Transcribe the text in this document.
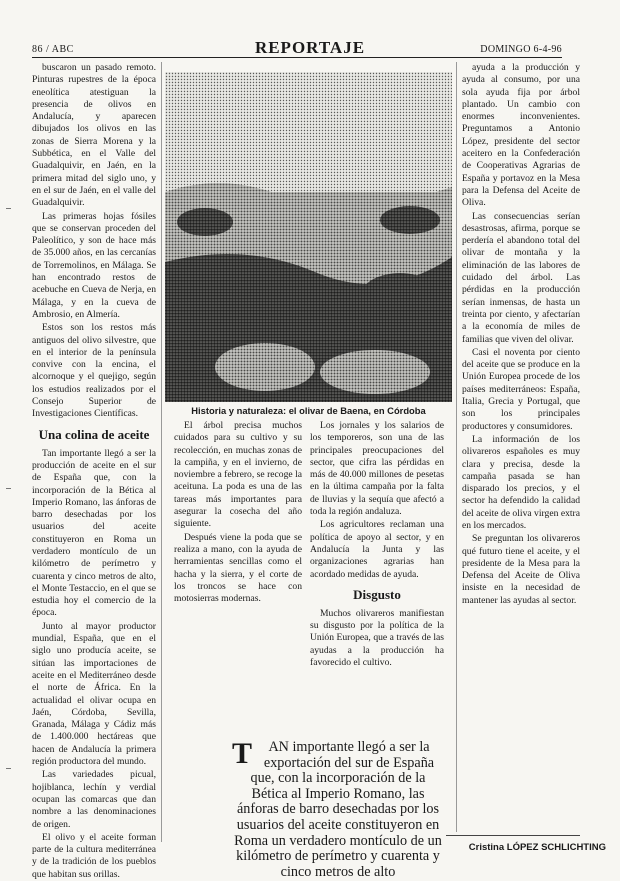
86 / ABC	REPORTAJE	DOMINGO 6-4-96

buscaron un pasado remoto. Pinturas rupestres de la época eneolítica atestiguan la presencia de olivos en Andalucía, y aparecen dibujados los olivos en las zonas de Sierra Morena y la Subbética, en el Valle del Guadalquivir, en Jaén, en la primera mitad del siglo uno, y en el sur de Jaén, en el valle del Guadalquivir.

Las primeras hojas fósiles que se conservan proceden del Paleolítico, y son de hace más de 35.000 años, en las cercanías de Torremolinos, en Málaga. Se han encontrado restos de acebuche en Cueva de Nerja, en Málaga, y en la cueva de Ambrosio, en Almería.

Estos son los restos más antiguos del olivo silvestre, que en el interior de la península convive con la encina, el alcornoque y el quejigo, según los estudios realizados por el Consejo Superior de Investigaciones Científicas.

Una colina de aceite

Tan importante llegó a ser la producción de aceite en el sur de España que, con la incorporación de la Bética al Imperio Romano, las ánforas de barro desechadas por los usuarios del aceite constituyeron en Roma un verdadero montículo de un kilómetro de perímetro y cuarenta y cinco metros de alto, el Monte Testaccio, en el que se estudia hoy el comercio de la época.

Junto al mayor productor mundial, España, que en el siglo uno producía aceite, se sitúan las importaciones de aceite en el Mediterráneo desde el norte de África. En la actualidad el olivar ocupa en Jaén, Córdoba, Sevilla, Granada, Málaga y Cádiz más de 1.400.000 hectáreas que hacen de Andalucía la primera región productora del mundo.

Las variedades picual, hojiblanca, lechín y verdial ocupan las comarcas que dan nombre a las denominaciones de origen.

El olivo y el aceite forman parte de la cultura mediterránea y de la tradición de los pueblos que habitan sus orillas.

Historia y naturaleza: el olivar de Baena, en Córdoba

El árbol precisa muchos cuidados para su cultivo y su recolección, en muchas zonas de la campiña, y en el invierno, de noviembre a febrero, se recoge la aceituna. La poda es una de las tareas más importantes para asegurar la cosecha del año siguiente.

Después viene la poda que se realiza a mano, con la ayuda de herramientas sencillas como el hacha y la sierra, y el corte de los troncos se hace con motosierras modernas.

Los jornales y los salarios de los temporeros, son una de las principales preocupaciones del sector, que cifra las pérdidas en más de 40.000 millones de pesetas en la última campaña por la falta de lluvias y la sequía que afectó a toda la región andaluza.

Los agricultores reclaman una política de apoyo al sector, y en Andalucía la Junta y las organizaciones agrarias han acordado medidas de ayuda.

Disgusto

Muchos olivareros manifiestan su disgusto por la política de la Unión Europea, que a través de las ayudas a la producción ha favorecido el cultivo.

ayuda a la producción y ayuda al consumo, por una sola ayuda fija por árbol plantado. Un cambio con enormes inconvenientes. Preguntamos a Antonio López, presidente del sector aceitero en la Confederación de Cooperativas Agrarias de España y portavoz en la Mesa para la Defensa del Aceite de Oliva.

Las consecuencias serían desastrosas, afirma, porque se perdería el abandono total del olivar de montaña y la eliminación de las labores de cuidado del árbol. Las pérdidas en la producción serían inmensas, de hasta un treinta por ciento, y afectarían a la economía de miles de familias que viven del olivar.

Casi el noventa por ciento del aceite que se produce en la Unión Europea procede de los países mediterráneos: España, Italia, Grecia y Portugal, que son los principales productores y consumidores.

La información de los olivareros españoles es muy clara y precisa, desde la campaña pasada se han disparado los precios, y el sector ha defendido la calidad del aceite de oliva virgen extra en los mercados.

Se preguntan los olivareros qué futuro tiene el aceite, y el presidente de la Mesa para la Defensa del Aceite de Oliva insiste en la necesidad de mantener las ayudas al sector.

T AN importante llegó a ser la exportación del sur de España que, con la incorporación de la Bética al Imperio Romano, las ánforas de barro desechadas por los usuarios del aceite constituyeron en Roma un verdadero montículo de un kilómetro de perímetro y cuarenta y cinco metros de alto
Cristina LÓPEZ SCHLICHTING
